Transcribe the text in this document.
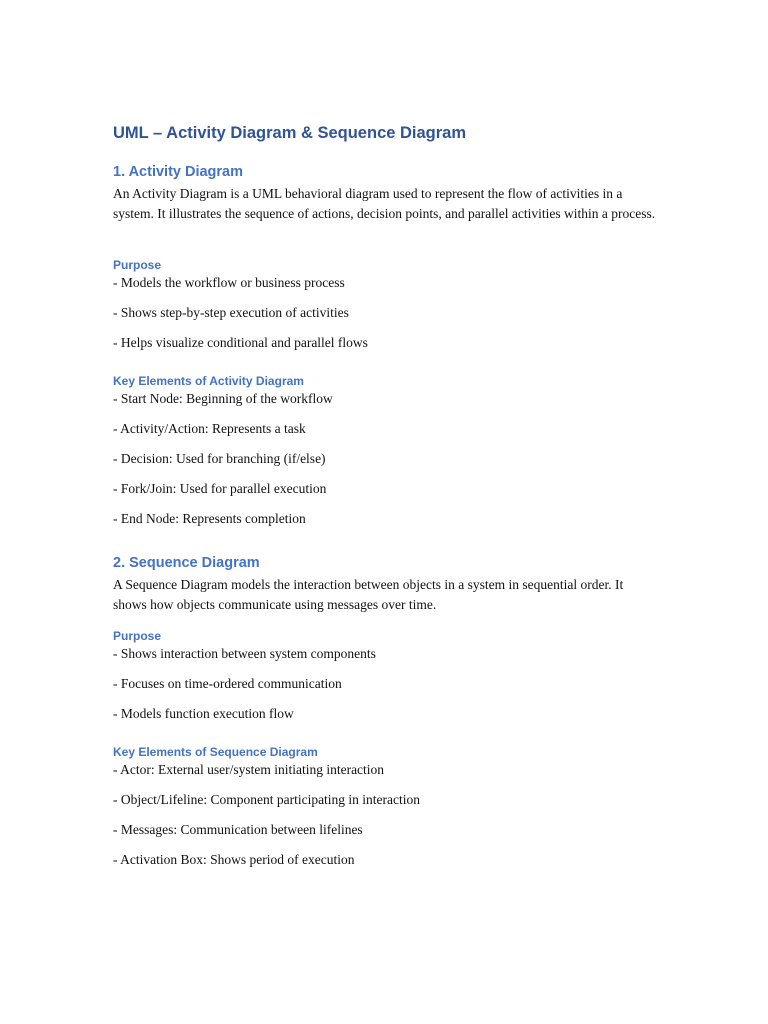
UML – Activity Diagram & Sequence Diagram
1. Activity Diagram

An Activity Diagram is a UML behavioral diagram used to represent the flow of activities in a system. It illustrates the sequence of actions, decision points, and parallel activities within a process.

Purpose
- Models the workflow or business process
- Shows step-by-step execution of activities
- Helps visualize conditional and parallel flows
Key Elements of Activity Diagram
- Start Node: Beginning of the workflow
- Activity/Action: Represents a task
- Decision: Used for branching (if/else)
- Fork/Join: Used for parallel execution
- End Node: Represents completion
2. Sequence Diagram

A Sequence Diagram models the interaction between objects in a system in sequential order. It shows how objects communicate using messages over time.

Purpose
- Shows interaction between system components
- Focuses on time-ordered communication
- Models function execution flow
Key Elements of Sequence Diagram
- Actor: External user/system initiating interaction
- Object/Lifeline: Component participating in interaction
- Messages: Communication between lifelines
- Activation Box: Shows period of execution
